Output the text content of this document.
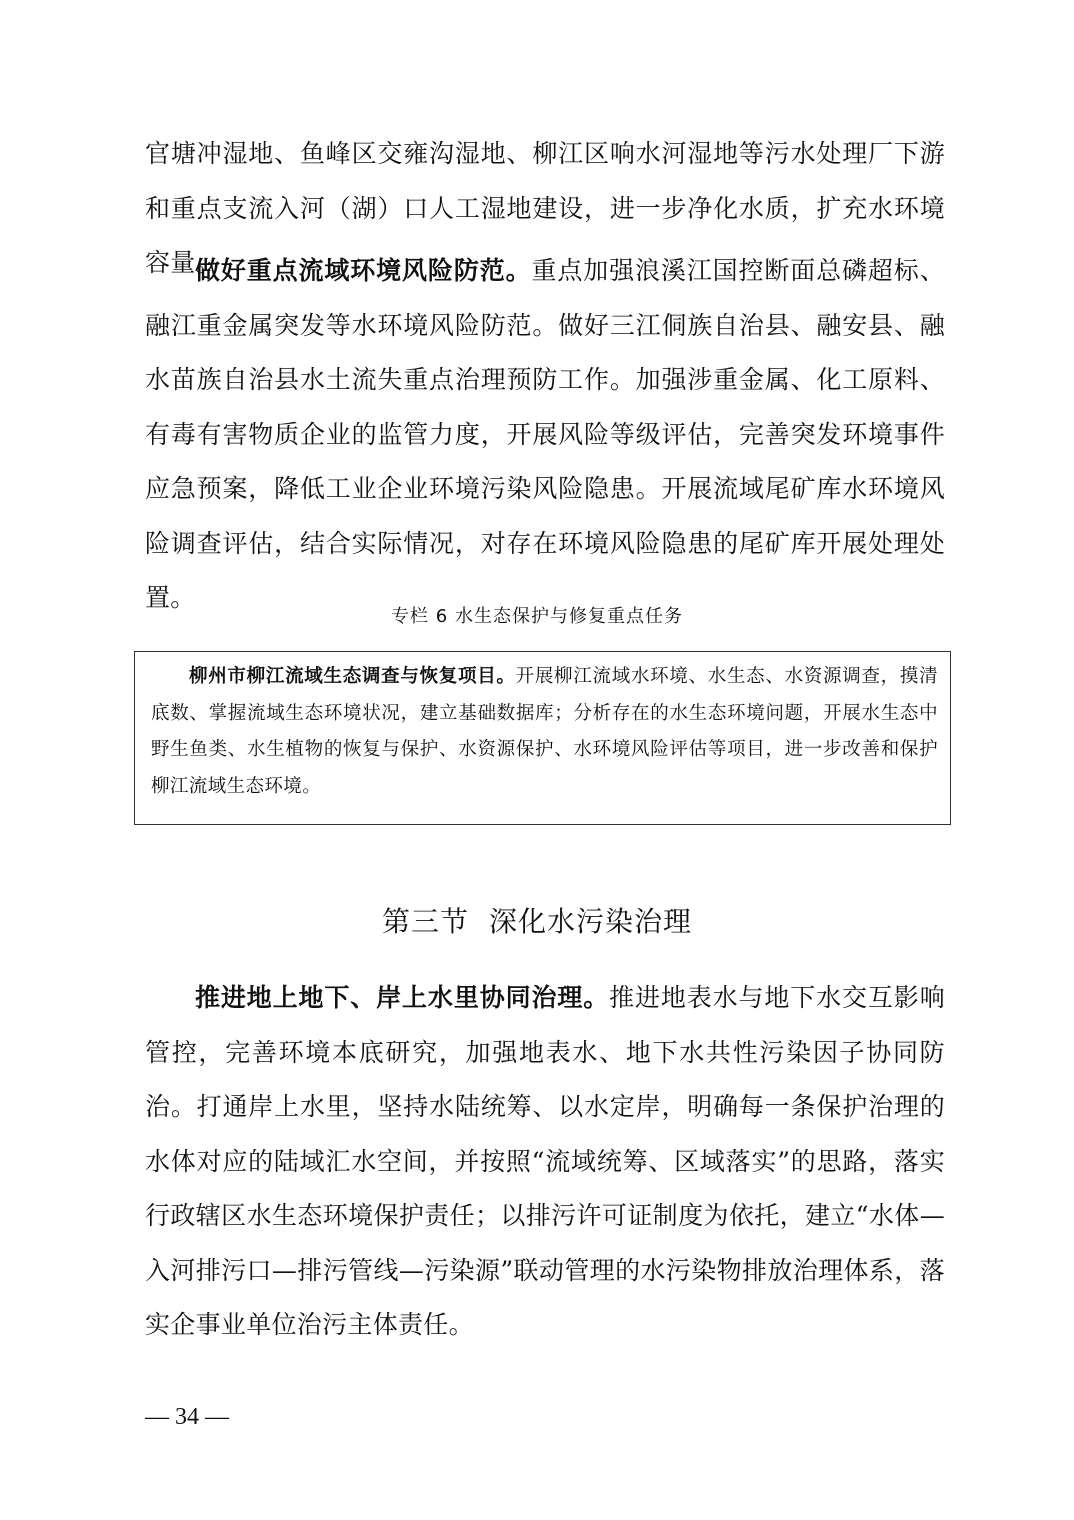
官塘冲湿地、鱼峰区交雍沟湿地、柳江区响水河湿地等污水处理厂下游和重点支流入河（湖）口人工湿地建设，进一步净化水质，扩充水环境容量。

做好重点流域环境风险防范。重点加强浪溪江国控断面总磷超标、融江重金属突发等水环境风险防范。做好三江侗族自治县、融安县、融水苗族自治县水土流失重点治理预防工作。加强涉重金属、化工原料、有毒有害物质企业的监管力度，开展风险等级评估，完善突发环境事件应急预案，降低工业企业环境污染风险隐患。开展流域尾矿库水环境风险调查评估，结合实际情况，对存在环境风险隐患的尾矿库开展处理处置。

专栏 6 水生态保护与修复重点任务

柳州市柳江流域生态调查与恢复项目。开展柳江流域水环境、水生态、水资源调查，摸清底数、掌握流域生态环境状况，建立基础数据库；分析存在的水生态环境问题，开展水生态中野生鱼类、水生植物的恢复与保护、水资源保护、水环境风险评估等项目，进一步改善和保护柳江流域生态环境。

第三节 深化水污染治理

推进地上地下、岸上水里协同治理。推进地表水与地下水交互影响管控，完善环境本底研究，加强地表水、地下水共性污染因子协同防治。打通岸上水里，坚持水陆统筹、以水定岸，明确每一条保护治理的水体对应的陆域汇水空间，并按照“流域统筹、区域落实”的思路，落实行政辖区水生态环境保护责任；以排污许可证制度为依托，建立“水体—入河排污口—排污管线—污染源”联动管理的水污染物排放治理体系，落实企事业单位治污主体责任。

— 34 —
